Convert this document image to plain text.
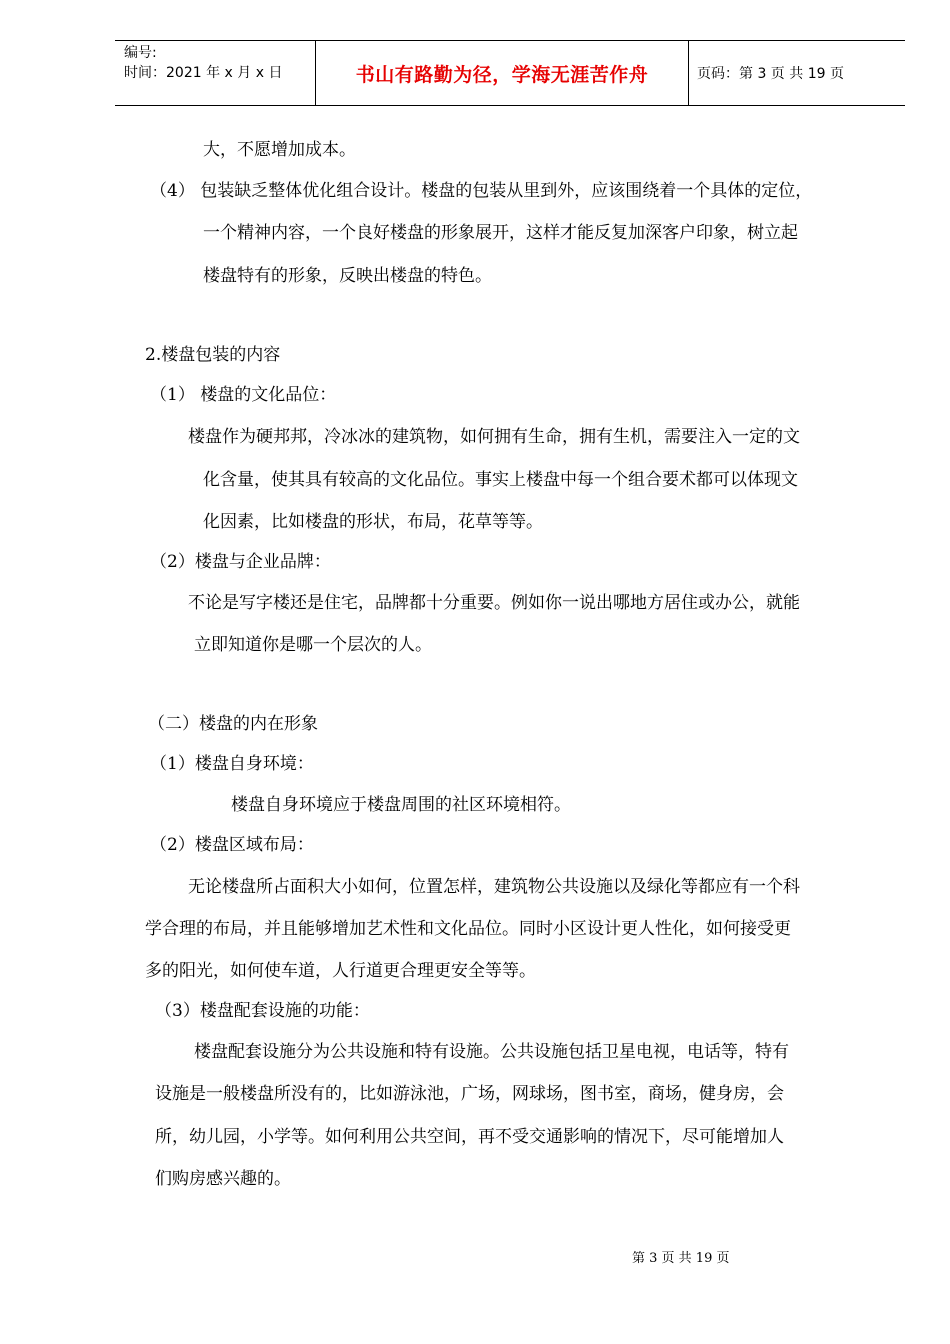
编号:
时间：2021 年 x 月 x 日	书山有路勤为径，学海无涯苦作舟	页码：第 3 页 共 19 页
大，不愿增加成本。
（4） 包装缺乏整体优化组合设计。楼盘的包装从里到外，应该围绕着一个具体的定位，
一个精神内容，一个良好楼盘的形象展开，这样才能反复加深客户印象，树立起
楼盘特有的形象，反映出楼盘的特色。
2.楼盘包装的内容
（1） 楼盘的文化品位：
楼盘作为硬邦邦，冷冰冰的建筑物，如何拥有生命，拥有生机，需要注入一定的文
化含量，使其具有较高的文化品位。事实上楼盘中每一个组合要术都可以体现文
化因素，比如楼盘的形状，布局，花草等等。
（2）楼盘与企业品牌：
不论是写字楼还是住宅，品牌都十分重要。例如你一说出哪地方居住或办公，就能
立即知道你是哪一个层次的人。
（二）楼盘的内在形象
（1）楼盘自身环境：
楼盘自身环境应于楼盘周围的社区环境相符。
（2）楼盘区域布局：
无论楼盘所占面积大小如何，位置怎样，建筑物公共设施以及绿化等都应有一个科
学合理的布局，并且能够增加艺术性和文化品位。同时小区设计更人性化，如何接受更
多的阳光，如何使车道，人行道更合理更安全等等。
（3）楼盘配套设施的功能：
楼盘配套设施分为公共设施和特有设施。公共设施包括卫星电视，电话等，特有
设施是一般楼盘所没有的，比如游泳池，广场，网球场，图书室，商场，健身房，会
所，幼儿园，小学等。如何利用公共空间，再不受交通影响的情况下，尽可能增加人
们购房感兴趣的。
第 3 页 共 19 页
